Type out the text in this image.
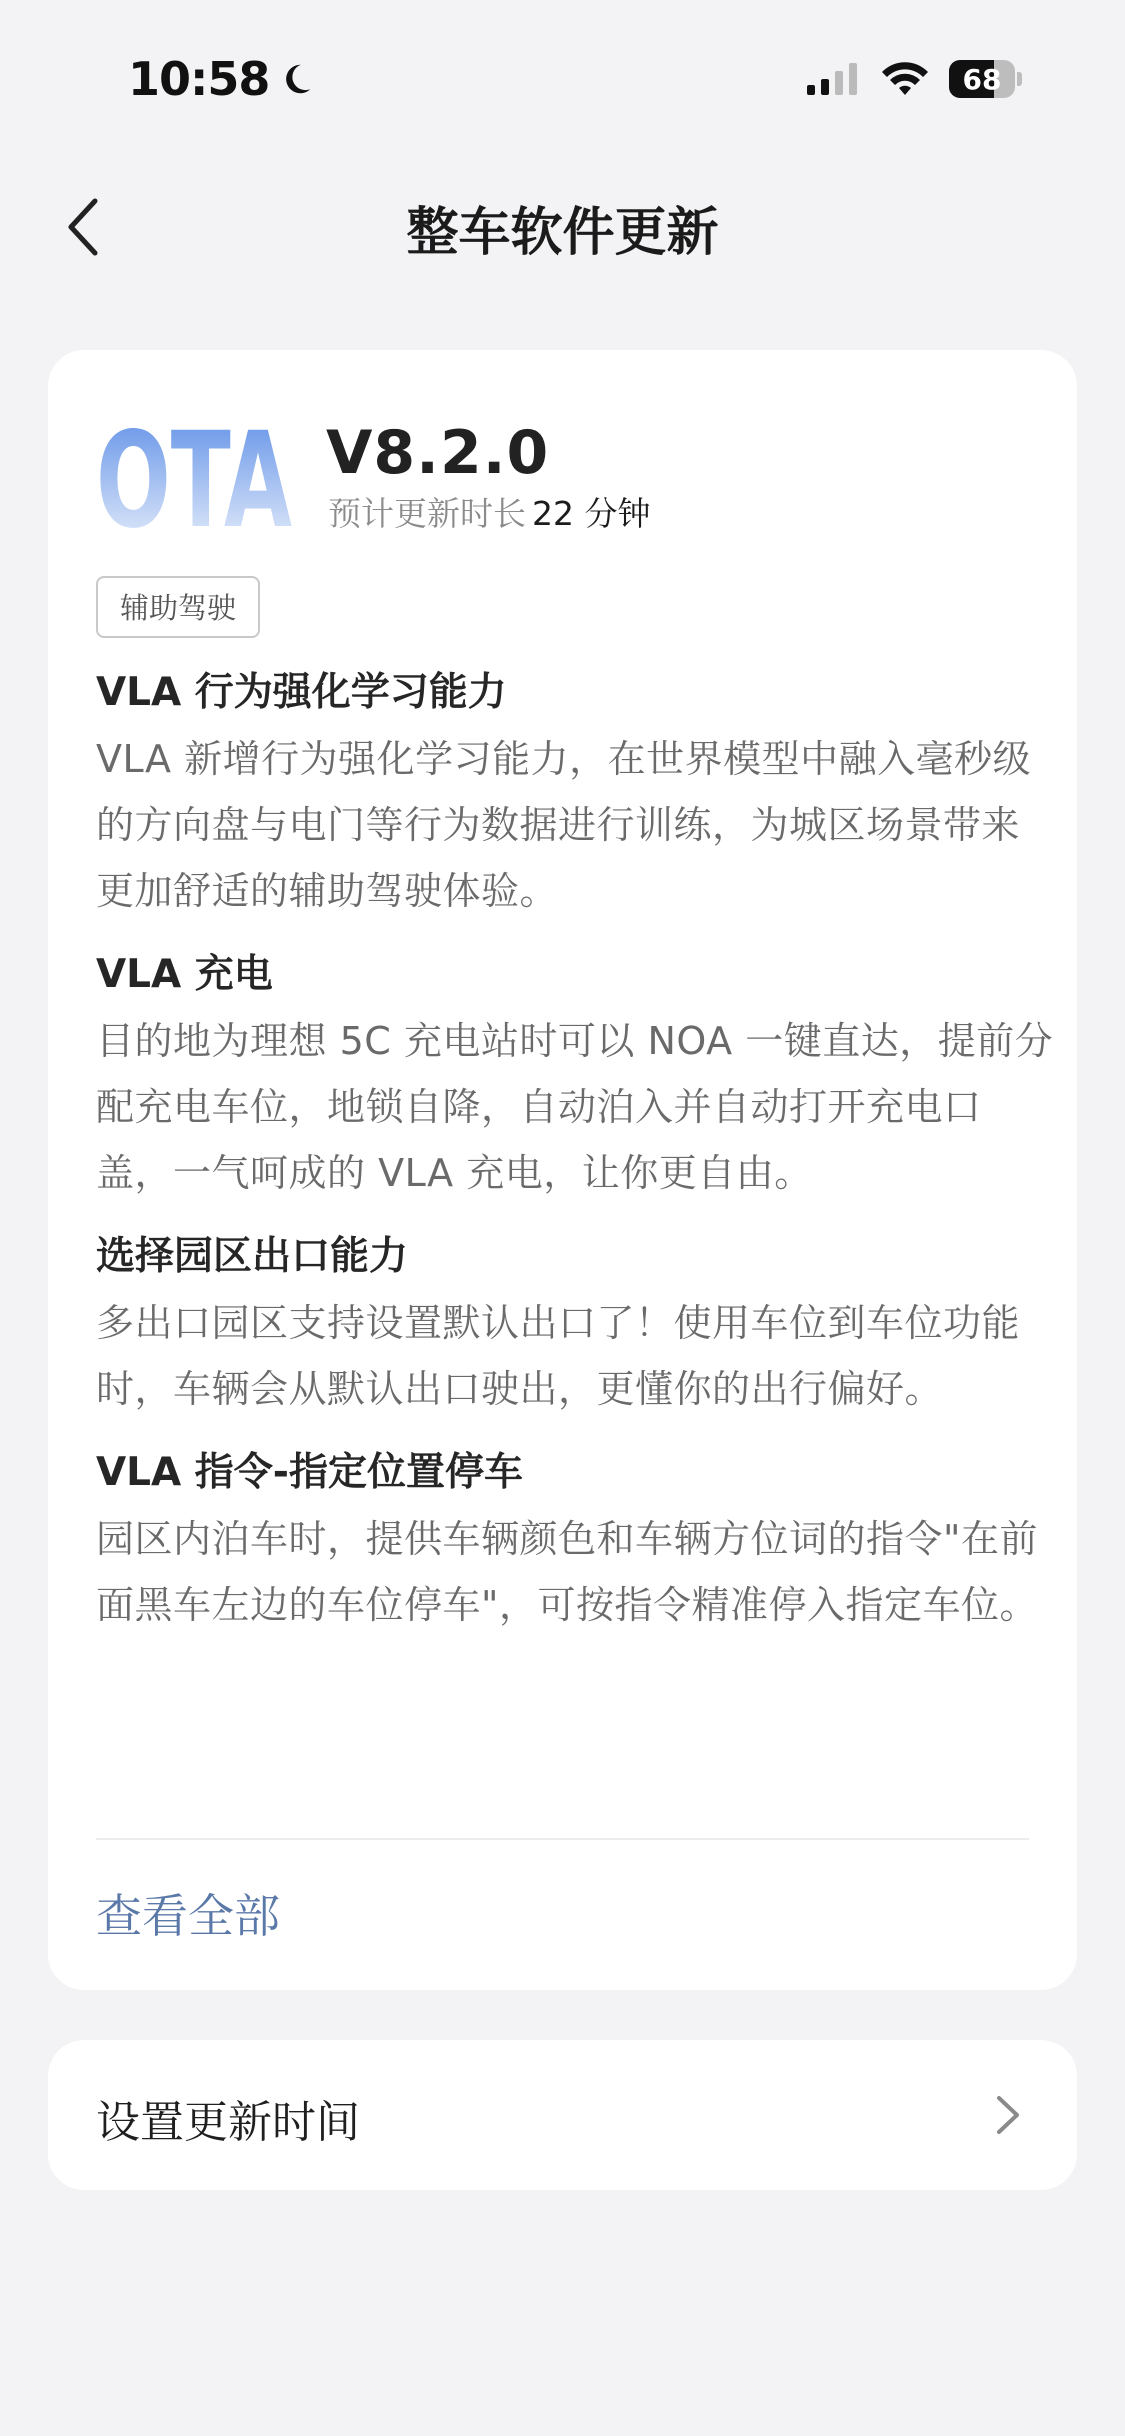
10:58	68
整车软件更新
OTA V8.2.0
预计更新时长 22 分钟
辅助驾驶

VLA 行为强化学习能力

VLA 新增行为强化学习能力，在世界模型中融入毫秒级的方向盘与电门等行为数据进行训练，为城区场景带来更加舒适的辅助驾驶体验。

VLA 充电

目的地为理想 5C 充电站时可以 NOA 一键直达，提前分配充电车位，地锁自降，自动泊入并自动打开充电口盖，一气呵成的 VLA 充电，让你更自由。

选择园区出口能力

多出口园区支持设置默认出口了！使用车位到车位功能时，车辆会从默认出口驶出，更懂你的出行偏好。

VLA 指令-指定位置停车

园区内泊车时，提供车辆颜色和车辆方位词的指令"在前面黑车左边的车位停车"，可按指令精准停入指定车位。

查看全部
设置更新时间
